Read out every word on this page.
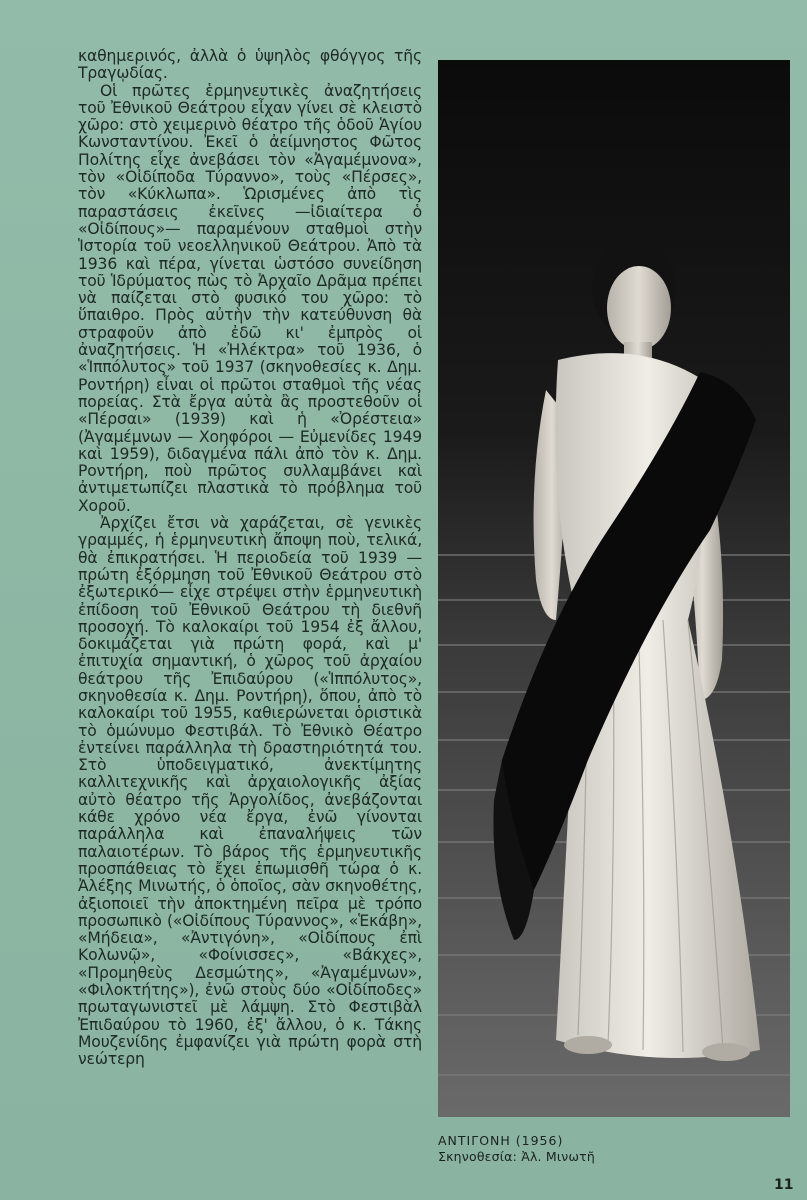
καθημερινός, ἀλλὰ ὁ ὑψηλὸς φθόγγος τῆς Τραγῳδίας.

Οἱ πρῶτες ἑρμηνευτικὲς ἀναζητήσεις τοῦ Ἐθνικοῦ Θεάτρου εἶχαν γίνει σὲ κλειστὸ χῶρο: στὸ χειμερινὸ θέατρο τῆς ὁδοῦ Ἁγίου Κωνσταντίνου. Ἐκεῖ ὁ ἀείμνηστος Φῶτος Πολίτης εἶχε ἀνεβάσει τὸν «Ἀγαμέμνονα», τὸν «Οἰδίποδα Τύραννο», τοὺς «Πέρσες», τὸν «Κύκλωπα». Ὡρισμένες ἀπὸ τὶς παραστάσεις ἐκεῖνες —ἰδιαίτερα ὁ «Οἰδίπους»— παραμένουν σταθμοὶ στὴν Ἱστορία τοῦ νεοελληνικοῦ Θεάτρου. Ἀπὸ τὰ 1936 καὶ πέρα, γίνεται ὡστόσο συνείδηση τοῦ Ἱδρύματος πὼς τὸ Ἀρχαῖο Δρᾶμα πρέπει νὰ παίζεται στὸ φυσικό του χῶρο: τὸ ὕπαιθρο. Πρὸς αὐτὴν τὴν κατεύθυνση θὰ στραφοῦν ἀπὸ ἐδῶ κι' ἐμπρὸς οἱ ἀναζητήσεις. Ἡ «Ἠλέκτρα» τοῦ 1936, ὁ «Ἱππόλυτος» τοῦ 1937 (σκηνοθεσίες κ. Δημ. Ροντήρη) εἶναι οἱ πρῶτοι σταθμοὶ τῆς νέας πορείας. Στὰ ἔργα αὐτὰ ἂς προστεθοῦν οἱ «Πέρσαι» (1939) καὶ ἡ «Ὀρέστεια» (Ἀγαμέμνων — Χοηφόροι — Εὐμενίδες 1949 καὶ 1959), διδαγμένα πάλι ἀπὸ τὸν κ. Δημ. Ροντήρη, ποὺ πρῶτος συλλαμβάνει καὶ ἀντιμετωπίζει πλαστικὰ τὸ πρόβλημα τοῦ Χοροῦ.

Ἀρχίζει ἔτσι νὰ χαράζεται, σὲ γενικὲς γραμμές, ἡ ἑρμηνευτικὴ ἄποψη ποὺ, τελικά, θὰ ἐπικρατήσει. Ἡ περιοδεία τοῦ 1939 — πρώτη ἐξόρμηση τοῦ Ἐθνικοῦ Θεάτρου στὸ ἐξωτερικό— εἶχε στρέψει στὴν ἑρμηνευτικὴ ἐπίδοση τοῦ Ἐθνικοῦ Θεάτρου τὴ διεθνῆ προσοχή. Τὸ καλοκαίρι τοῦ 1954 ἐξ ἄλλου, δοκιμάζεται γιὰ πρώτη φορά, καὶ μ' ἐπιτυχία σημαντική, ὁ χῶρος τοῦ ἀρχαίου θεάτρου τῆς Ἐπιδαύρου («Ἱππόλυτος», σκηνοθεσία κ. Δημ. Ροντήρη), ὅπου, ἀπὸ τὸ καλοκαίρι τοῦ 1955, καθιερώνεται ὁριστικὰ τὸ ὁμώνυμο Φεστιβάλ. Τὸ Ἐθνικὸ Θέατρο ἐντείνει παράλληλα τὴ δραστηριότητά του. Στὸ ὑποδειγματικό, ἀνεκτίμητης καλλιτεχνικῆς καὶ ἀρχαιολογικῆς ἀξίας αὐτὸ θέατρο τῆς Ἀργολίδος, ἀνεβάζονται κάθε χρόνο νέα ἔργα, ἐνῶ γίνονται παράλληλα καὶ ἐπαναλήψεις τῶν παλαιοτέρων. Τὸ βάρος τῆς ἑρμηνευτικῆς προσπάθειας τὸ ἔχει ἐπωμισθῆ τώρα ὁ κ. Ἀλέξης Μινωτής, ὁ ὁποῖος, σὰν σκηνοθέτης, ἀξιοποιεῖ τὴν ἀποκτημένη πεῖρα μὲ τρόπο προσωπικὸ («Οἰδίπους Τύραννος», «Ἑκάβη», «Μήδεια», «Ἀντιγόνη», «Οἰδίπους ἐπὶ Κολωνῷ», «Φοίνισσες», «Βάκχες», «Προμηθεὺς Δεσμώτης», «Ἀγαμέμνων», «Φιλοκτήτης»), ἐνῶ στοὺς δύο «Οἰδίποδες» πρωταγωνιστεῖ μὲ λάμψη. Στὸ Φεστιβὰλ Ἐπιδαύρου τὸ 1960, ἐξ' ἄλλου, ὁ κ. Τάκης Μουζενίδης ἐμφανίζει γιὰ πρώτη φορὰ στὴ νεώτερη

ΑΝΤΙΓΟΝΗ (1956)
Σκηνοθεσία: Ἀλ. Μινωτῆ
11
